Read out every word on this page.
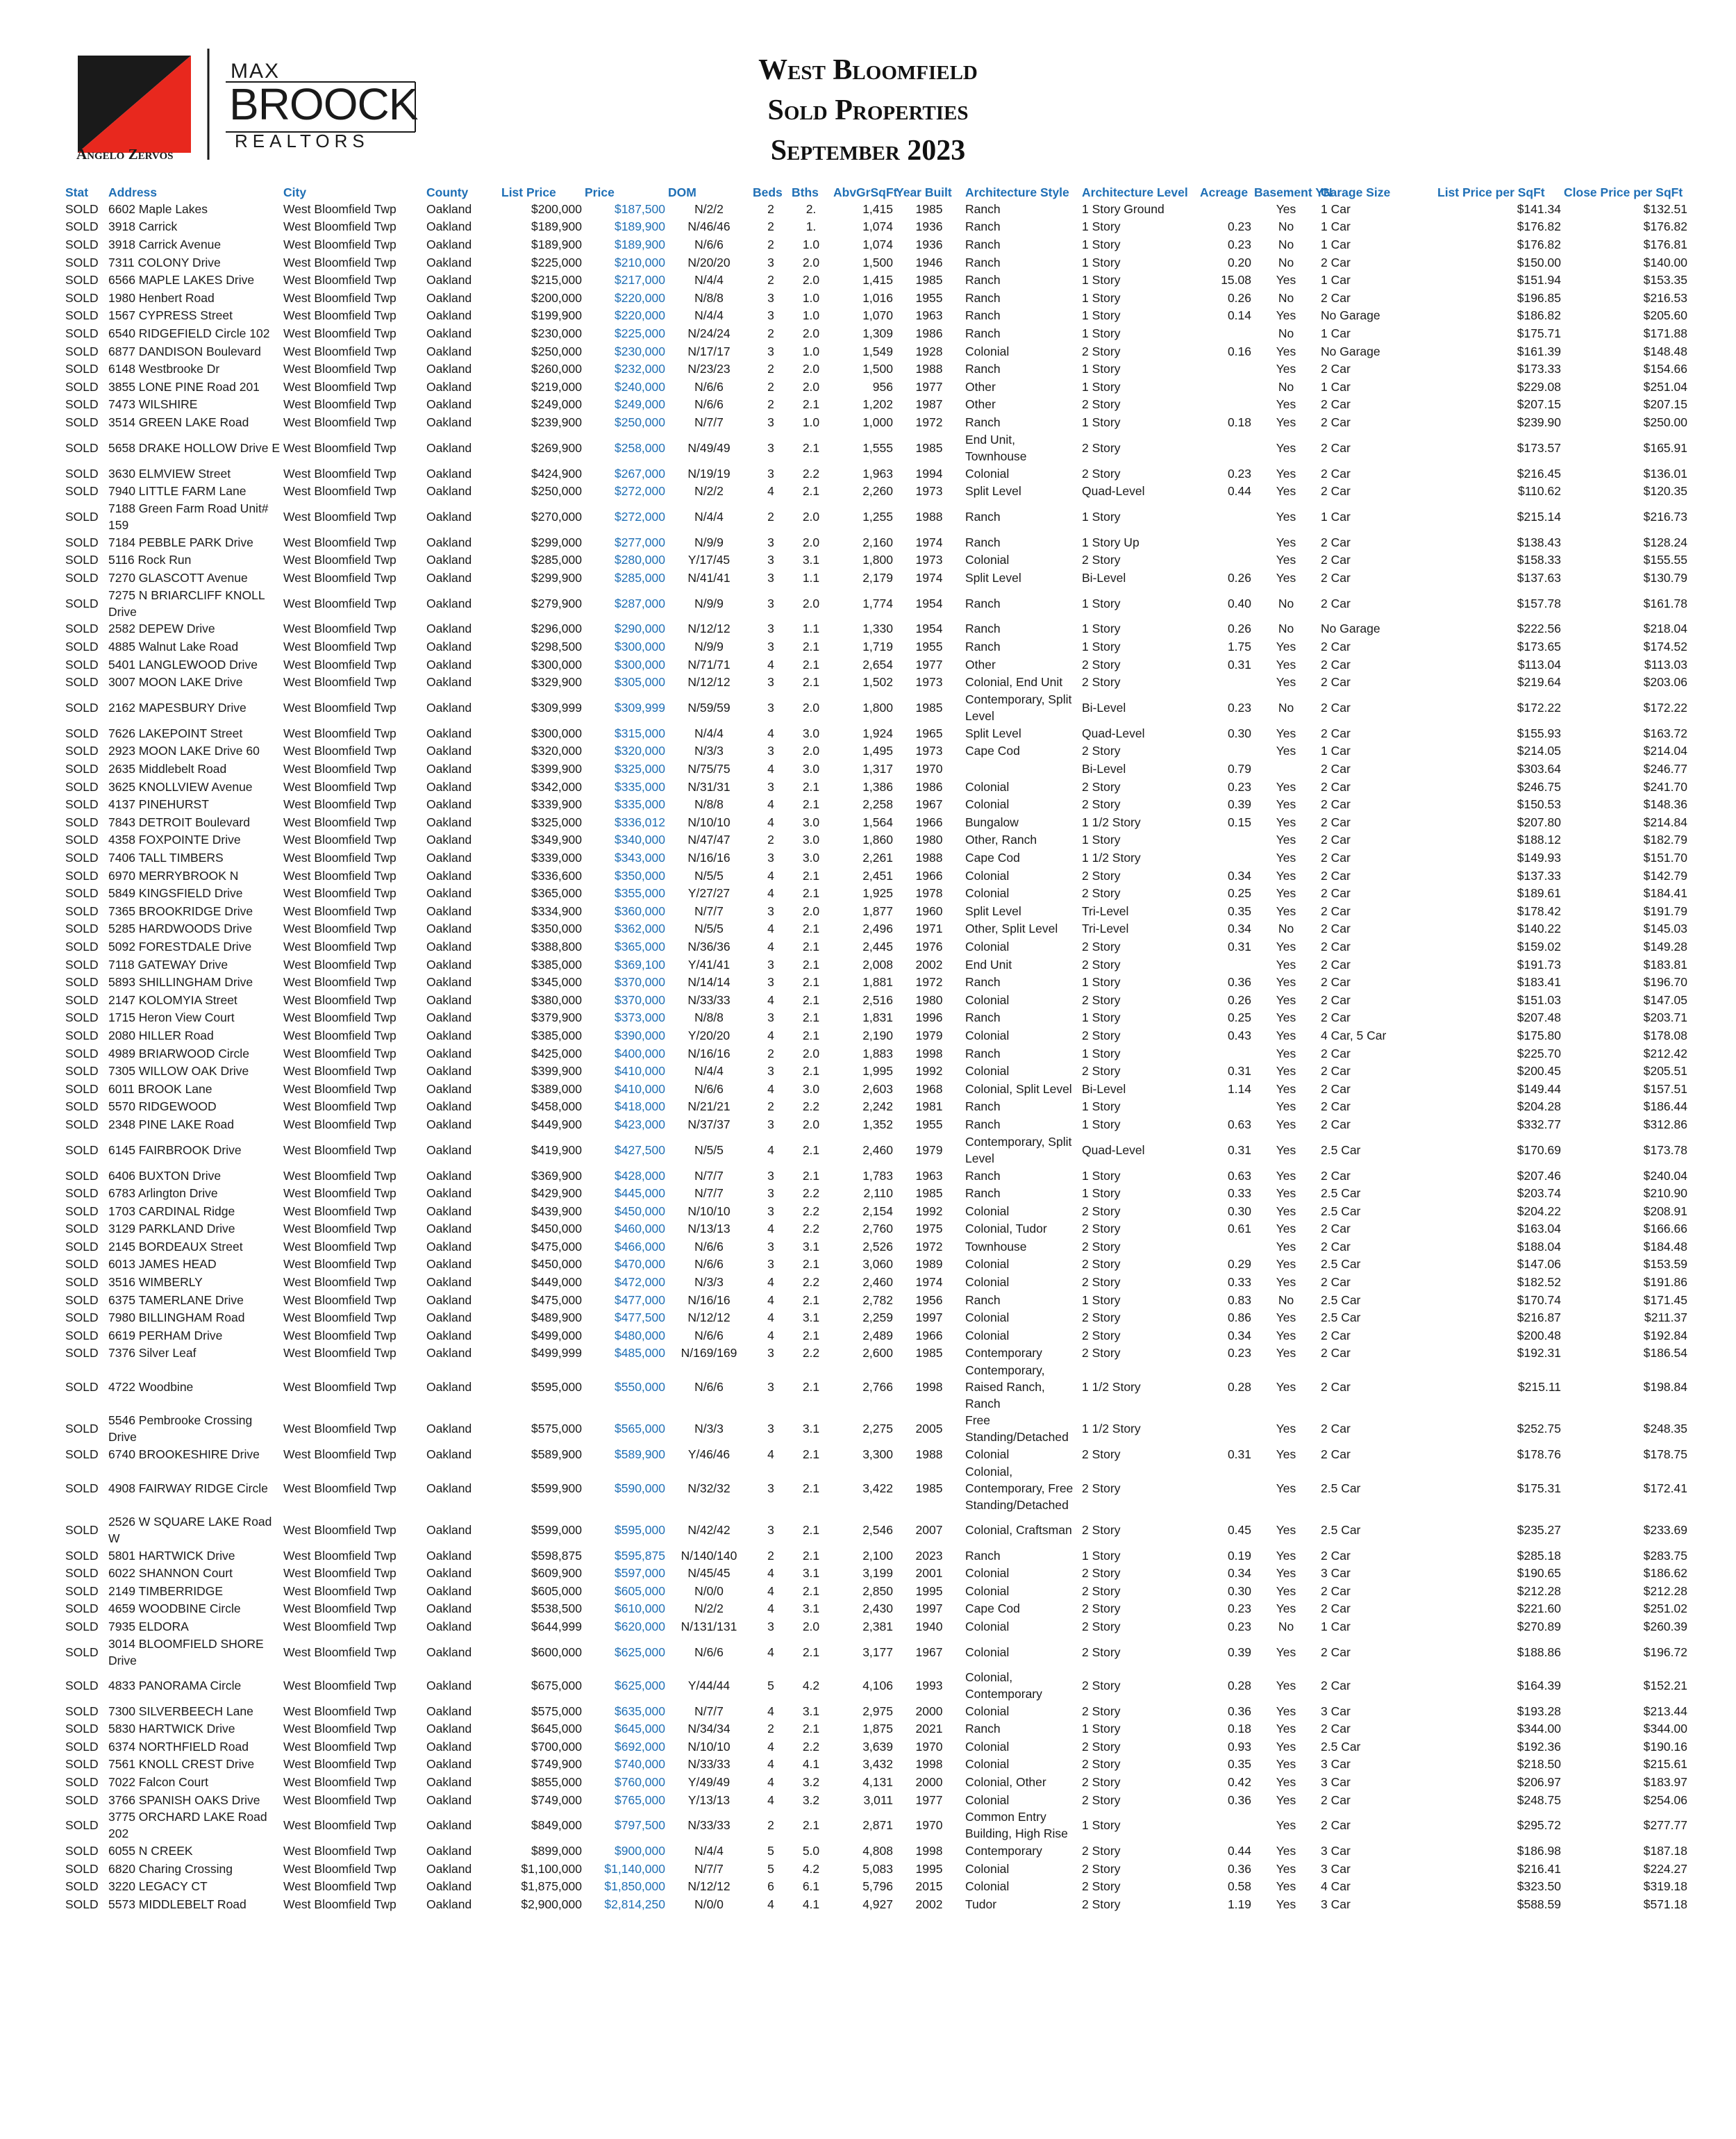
MAX
BROOCK
REALTORS
Angelo Zervos
West Bloomfield
Sold Properties
September 2023
Stat	Address	City	County	List Price	Price	DOM	Beds	Bths	AbvGrSqFt	Year Built	Architecture Style	Architecture Level	Acreage	Basement YN	Garage Size	List Price per SqFt	Close Price per SqFt
SOLD	6602 Maple Lakes	West Bloomfield Twp	Oakland	$200,000	$187,500	N/2/2	2	2.	1,415	1985	Ranch	1 Story Ground		Yes	1 Car	$141.34	$132.51
SOLD	3918 Carrick	West Bloomfield Twp	Oakland	$189,900	$189,900	N/46/46	2	1.	1,074	1936	Ranch	1 Story	0.23	No	1 Car	$176.82	$176.82
SOLD	3918 Carrick Avenue	West Bloomfield Twp	Oakland	$189,900	$189,900	N/6/6	2	1.0	1,074	1936	Ranch	1 Story	0.23	No	1 Car	$176.82	$176.81
SOLD	7311 COLONY Drive	West Bloomfield Twp	Oakland	$225,000	$210,000	N/20/20	3	2.0	1,500	1946	Ranch	1 Story	0.20	No	2 Car	$150.00	$140.00
SOLD	6566 MAPLE LAKES Drive	West Bloomfield Twp	Oakland	$215,000	$217,000	N/4/4	2	2.0	1,415	1985	Ranch	1 Story	15.08	Yes	1 Car	$151.94	$153.35
SOLD	1980 Henbert Road	West Bloomfield Twp	Oakland	$200,000	$220,000	N/8/8	3	1.0	1,016	1955	Ranch	1 Story	0.26	No	2 Car	$196.85	$216.53
SOLD	1567 CYPRESS Street	West Bloomfield Twp	Oakland	$199,900	$220,000	N/4/4	3	1.0	1,070	1963	Ranch	1 Story	0.14	Yes	No Garage	$186.82	$205.60
SOLD	6540 RIDGEFIELD Circle 102	West Bloomfield Twp	Oakland	$230,000	$225,000	N/24/24	2	2.0	1,309	1986	Ranch	1 Story		No	1 Car	$175.71	$171.88
SOLD	6877 DANDISON Boulevard	West Bloomfield Twp	Oakland	$250,000	$230,000	N/17/17	3	1.0	1,549	1928	Colonial	2 Story	0.16	Yes	No Garage	$161.39	$148.48
SOLD	6148 Westbrooke Dr	West Bloomfield Twp	Oakland	$260,000	$232,000	N/23/23	2	2.0	1,500	1988	Ranch	1 Story		Yes	2 Car	$173.33	$154.66
SOLD	3855 LONE PINE Road 201	West Bloomfield Twp	Oakland	$219,000	$240,000	N/6/6	2	2.0	956	1977	Other	1 Story		No	1 Car	$229.08	$251.04
SOLD	7473 WILSHIRE	West Bloomfield Twp	Oakland	$249,000	$249,000	N/6/6	2	2.1	1,202	1987	Other	2 Story		Yes	2 Car	$207.15	$207.15
SOLD	3514 GREEN LAKE Road	West Bloomfield Twp	Oakland	$239,900	$250,000	N/7/7	3	1.0	1,000	1972	Ranch	1 Story	0.18	Yes	2 Car	$239.90	$250.00
SOLD	5658 DRAKE HOLLOW Drive E	West Bloomfield Twp	Oakland	$269,900	$258,000	N/49/49	3	2.1	1,555	1985	End Unit, Townhouse	2 Story		Yes	2 Car	$173.57	$165.91
SOLD	3630 ELMVIEW Street	West Bloomfield Twp	Oakland	$424,900	$267,000	N/19/19	3	2.2	1,963	1994	Colonial	2 Story	0.23	Yes	2 Car	$216.45	$136.01
SOLD	7940 LITTLE FARM Lane	West Bloomfield Twp	Oakland	$250,000	$272,000	N/2/2	4	2.1	2,260	1973	Split Level	Quad-Level	0.44	Yes	2 Car	$110.62	$120.35
SOLD	7188 Green Farm Road Unit# 159	West Bloomfield Twp	Oakland	$270,000	$272,000	N/4/4	2	2.0	1,255	1988	Ranch	1 Story		Yes	1 Car	$215.14	$216.73
SOLD	7184 PEBBLE PARK Drive	West Bloomfield Twp	Oakland	$299,000	$277,000	N/9/9	3	2.0	2,160	1974	Ranch	1 Story Up		Yes	2 Car	$138.43	$128.24
SOLD	5116 Rock Run	West Bloomfield Twp	Oakland	$285,000	$280,000	Y/17/45	3	3.1	1,800	1973	Colonial	2 Story		Yes	2 Car	$158.33	$155.55
SOLD	7270 GLASCOTT Avenue	West Bloomfield Twp	Oakland	$299,900	$285,000	N/41/41	3	1.1	2,179	1974	Split Level	Bi-Level	0.26	Yes	2 Car	$137.63	$130.79
SOLD	7275 N BRIARCLIFF KNOLL Drive	West Bloomfield Twp	Oakland	$279,900	$287,000	N/9/9	3	2.0	1,774	1954	Ranch	1 Story	0.40	No	2 Car	$157.78	$161.78
SOLD	2582 DEPEW Drive	West Bloomfield Twp	Oakland	$296,000	$290,000	N/12/12	3	1.1	1,330	1954	Ranch	1 Story	0.26	No	No Garage	$222.56	$218.04
SOLD	4885 Walnut Lake Road	West Bloomfield Twp	Oakland	$298,500	$300,000	N/9/9	3	2.1	1,719	1955	Ranch	1 Story	1.75	Yes	2 Car	$173.65	$174.52
SOLD	5401 LANGLEWOOD Drive	West Bloomfield Twp	Oakland	$300,000	$300,000	N/71/71	4	2.1	2,654	1977	Other	2 Story	0.31	Yes	2 Car	$113.04	$113.03
SOLD	3007 MOON LAKE Drive	West Bloomfield Twp	Oakland	$329,900	$305,000	N/12/12	3	2.1	1,502	1973	Colonial, End Unit	2 Story		Yes	2 Car	$219.64	$203.06
SOLD	2162 MAPESBURY Drive	West Bloomfield Twp	Oakland	$309,999	$309,999	N/59/59	3	2.0	1,800	1985	Contemporary, Split Level	Bi-Level	0.23	No	2 Car	$172.22	$172.22
SOLD	7626 LAKEPOINT Street	West Bloomfield Twp	Oakland	$300,000	$315,000	N/4/4	4	3.0	1,924	1965	Split Level	Quad-Level	0.30	Yes	2 Car	$155.93	$163.72
SOLD	2923 MOON LAKE Drive 60	West Bloomfield Twp	Oakland	$320,000	$320,000	N/3/3	3	2.0	1,495	1973	Cape Cod	2 Story		Yes	1 Car	$214.05	$214.04
SOLD	2635 Middlebelt Road	West Bloomfield Twp	Oakland	$399,900	$325,000	N/75/75	4	3.0	1,317	1970		Bi-Level	0.79		2 Car	$303.64	$246.77
SOLD	3625 KNOLLVIEW Avenue	West Bloomfield Twp	Oakland	$342,000	$335,000	N/31/31	3	2.1	1,386	1986	Colonial	2 Story	0.23	Yes	2 Car	$246.75	$241.70
SOLD	4137 PINEHURST	West Bloomfield Twp	Oakland	$339,900	$335,000	N/8/8	4	2.1	2,258	1967	Colonial	2 Story	0.39	Yes	2 Car	$150.53	$148.36
SOLD	7843 DETROIT Boulevard	West Bloomfield Twp	Oakland	$325,000	$336,012	N/10/10	4	3.0	1,564	1966	Bungalow	1 1/2 Story	0.15	Yes	2 Car	$207.80	$214.84
SOLD	4358 FOXPOINTE Drive	West Bloomfield Twp	Oakland	$349,900	$340,000	N/47/47	2	3.0	1,860	1980	Other, Ranch	1 Story		Yes	2 Car	$188.12	$182.79
SOLD	7406 TALL TIMBERS	West Bloomfield Twp	Oakland	$339,000	$343,000	N/16/16	3	3.0	2,261	1988	Cape Cod	1 1/2 Story		Yes	2 Car	$149.93	$151.70
SOLD	6970 MERRYBROOK N	West Bloomfield Twp	Oakland	$336,600	$350,000	N/5/5	4	2.1	2,451	1966	Colonial	2 Story	0.34	Yes	2 Car	$137.33	$142.79
SOLD	5849 KINGSFIELD Drive	West Bloomfield Twp	Oakland	$365,000	$355,000	Y/27/27	4	2.1	1,925	1978	Colonial	2 Story	0.25	Yes	2 Car	$189.61	$184.41
SOLD	7365 BROOKRIDGE Drive	West Bloomfield Twp	Oakland	$334,900	$360,000	N/7/7	3	2.0	1,877	1960	Split Level	Tri-Level	0.35	Yes	2 Car	$178.42	$191.79
SOLD	5285 HARDWOODS Drive	West Bloomfield Twp	Oakland	$350,000	$362,000	N/5/5	4	2.1	2,496	1971	Other, Split Level	Tri-Level	0.34	No	2 Car	$140.22	$145.03
SOLD	5092 FORESTDALE Drive	West Bloomfield Twp	Oakland	$388,800	$365,000	N/36/36	4	2.1	2,445	1976	Colonial	2 Story	0.31	Yes	2 Car	$159.02	$149.28
SOLD	7118 GATEWAY Drive	West Bloomfield Twp	Oakland	$385,000	$369,100	Y/41/41	3	2.1	2,008	2002	End Unit	2 Story		Yes	2 Car	$191.73	$183.81
SOLD	5893 SHILLINGHAM Drive	West Bloomfield Twp	Oakland	$345,000	$370,000	N/14/14	3	2.1	1,881	1972	Ranch	1 Story	0.36	Yes	2 Car	$183.41	$196.70
SOLD	2147 KOLOMYIA Street	West Bloomfield Twp	Oakland	$380,000	$370,000	N/33/33	4	2.1	2,516	1980	Colonial	2 Story	0.26	Yes	2 Car	$151.03	$147.05
SOLD	1715 Heron View Court	West Bloomfield Twp	Oakland	$379,900	$373,000	N/8/8	3	2.1	1,831	1996	Ranch	1 Story	0.25	Yes	2 Car	$207.48	$203.71
SOLD	2080 HILLER Road	West Bloomfield Twp	Oakland	$385,000	$390,000	Y/20/20	4	2.1	2,190	1979	Colonial	2 Story	0.43	Yes	4 Car, 5 Car	$175.80	$178.08
SOLD	4989 BRIARWOOD Circle	West Bloomfield Twp	Oakland	$425,000	$400,000	N/16/16	2	2.0	1,883	1998	Ranch	1 Story		Yes	2 Car	$225.70	$212.42
SOLD	7305 WILLOW OAK Drive	West Bloomfield Twp	Oakland	$399,900	$410,000	N/4/4	3	2.1	1,995	1992	Colonial	2 Story	0.31	Yes	2 Car	$200.45	$205.51
SOLD	6011 BROOK Lane	West Bloomfield Twp	Oakland	$389,000	$410,000	N/6/6	4	3.0	2,603	1968	Colonial, Split Level	Bi-Level	1.14	Yes	2 Car	$149.44	$157.51
SOLD	5570 RIDGEWOOD	West Bloomfield Twp	Oakland	$458,000	$418,000	N/21/21	2	2.2	2,242	1981	Ranch	1 Story		Yes	2 Car	$204.28	$186.44
SOLD	2348 PINE LAKE Road	West Bloomfield Twp	Oakland	$449,900	$423,000	N/37/37	3	2.0	1,352	1955	Ranch	1 Story	0.63	Yes	2 Car	$332.77	$312.86
SOLD	6145 FAIRBROOK Drive	West Bloomfield Twp	Oakland	$419,900	$427,500	N/5/5	4	2.1	2,460	1979	Contemporary, Split Level	Quad-Level	0.31	Yes	2.5 Car	$170.69	$173.78
SOLD	6406 BUXTON Drive	West Bloomfield Twp	Oakland	$369,900	$428,000	N/7/7	3	2.1	1,783	1963	Ranch	1 Story	0.63	Yes	2 Car	$207.46	$240.04
SOLD	6783 Arlington Drive	West Bloomfield Twp	Oakland	$429,900	$445,000	N/7/7	3	2.2	2,110	1985	Ranch	1 Story	0.33	Yes	2.5 Car	$203.74	$210.90
SOLD	1703 CARDINAL Ridge	West Bloomfield Twp	Oakland	$439,900	$450,000	N/10/10	3	2.2	2,154	1992	Colonial	2 Story	0.30	Yes	2.5 Car	$204.22	$208.91
SOLD	3129 PARKLAND Drive	West Bloomfield Twp	Oakland	$450,000	$460,000	N/13/13	4	2.2	2,760	1975	Colonial, Tudor	2 Story	0.61	Yes	2 Car	$163.04	$166.66
SOLD	2145 BORDEAUX Street	West Bloomfield Twp	Oakland	$475,000	$466,000	N/6/6	3	3.1	2,526	1972	Townhouse	2 Story		Yes	2 Car	$188.04	$184.48
SOLD	6013 JAMES HEAD	West Bloomfield Twp	Oakland	$450,000	$470,000	N/6/6	3	2.1	3,060	1989	Colonial	2 Story	0.29	Yes	2.5 Car	$147.06	$153.59
SOLD	3516 WIMBERLY	West Bloomfield Twp	Oakland	$449,000	$472,000	N/3/3	4	2.2	2,460	1974	Colonial	2 Story	0.33	Yes	2 Car	$182.52	$191.86
SOLD	6375 TAMERLANE Drive	West Bloomfield Twp	Oakland	$475,000	$477,000	N/16/16	4	2.1	2,782	1956	Ranch	1 Story	0.83	No	2.5 Car	$170.74	$171.45
SOLD	7980 BILLINGHAM Road	West Bloomfield Twp	Oakland	$489,900	$477,500	N/12/12	4	3.1	2,259	1997	Colonial	2 Story	0.86	Yes	2.5 Car	$216.87	$211.37
SOLD	6619 PERHAM Drive	West Bloomfield Twp	Oakland	$499,000	$480,000	N/6/6	4	2.1	2,489	1966	Colonial	2 Story	0.34	Yes	2 Car	$200.48	$192.84
SOLD	7376 Silver Leaf	West Bloomfield Twp	Oakland	$499,999	$485,000	N/169/169	3	2.2	2,600	1985	Contemporary	2 Story	0.23	Yes	2 Car	$192.31	$186.54
SOLD	4722 Woodbine	West Bloomfield Twp	Oakland	$595,000	$550,000	N/6/6	3	2.1	2,766	1998	Contemporary, Raised Ranch, Ranch	1 1/2 Story	0.28	Yes	2 Car	$215.11	$198.84
SOLD	5546 Pembrooke Crossing Drive	West Bloomfield Twp	Oakland	$575,000	$565,000	N/3/3	3	3.1	2,275	2005	Free Standing/Detached	1 1/2 Story		Yes	2 Car	$252.75	$248.35
SOLD	6740 BROOKESHIRE Drive	West Bloomfield Twp	Oakland	$589,900	$589,900	Y/46/46	4	2.1	3,300	1988	Colonial	2 Story	0.31	Yes	2 Car	$178.76	$178.75
SOLD	4908 FAIRWAY RIDGE Circle	West Bloomfield Twp	Oakland	$599,900	$590,000	N/32/32	3	2.1	3,422	1985	Colonial, Contemporary, Free Standing/Detached	2 Story		Yes	2.5 Car	$175.31	$172.41
SOLD	2526 W SQUARE LAKE Road W	West Bloomfield Twp	Oakland	$599,000	$595,000	N/42/42	3	2.1	2,546	2007	Colonial, Craftsman	2 Story	0.45	Yes	2.5 Car	$235.27	$233.69
SOLD	5801 HARTWICK Drive	West Bloomfield Twp	Oakland	$598,875	$595,875	N/140/140	2	2.1	2,100	2023	Ranch	1 Story	0.19	Yes	2 Car	$285.18	$283.75
SOLD	6022 SHANNON Court	West Bloomfield Twp	Oakland	$609,900	$597,000	N/45/45	4	3.1	3,199	2001	Colonial	2 Story	0.34	Yes	3 Car	$190.65	$186.62
SOLD	2149 TIMBERRIDGE	West Bloomfield Twp	Oakland	$605,000	$605,000	N/0/0	4	2.1	2,850	1995	Colonial	2 Story	0.30	Yes	2 Car	$212.28	$212.28
SOLD	4659 WOODBINE Circle	West Bloomfield Twp	Oakland	$538,500	$610,000	N/2/2	4	3.1	2,430	1997	Cape Cod	2 Story	0.23	Yes	2 Car	$221.60	$251.02
SOLD	7935 ELDORA	West Bloomfield Twp	Oakland	$644,999	$620,000	N/131/131	3	2.0	2,381	1940	Colonial	2 Story	0.23	No	1 Car	$270.89	$260.39
SOLD	3014 BLOOMFIELD SHORE Drive	West Bloomfield Twp	Oakland	$600,000	$625,000	N/6/6	4	2.1	3,177	1967	Colonial	2 Story	0.39	Yes	2 Car	$188.86	$196.72
SOLD	4833 PANORAMA Circle	West Bloomfield Twp	Oakland	$675,000	$625,000	Y/44/44	5	4.2	4,106	1993	Colonial, Contemporary	2 Story	0.28	Yes	2 Car	$164.39	$152.21
SOLD	7300 SILVERBEECH Lane	West Bloomfield Twp	Oakland	$575,000	$635,000	N/7/7	4	3.1	2,975	2000	Colonial	2 Story	0.36	Yes	3 Car	$193.28	$213.44
SOLD	5830 HARTWICK Drive	West Bloomfield Twp	Oakland	$645,000	$645,000	N/34/34	2	2.1	1,875	2021	Ranch	1 Story	0.18	Yes	2 Car	$344.00	$344.00
SOLD	6374 NORTHFIELD Road	West Bloomfield Twp	Oakland	$700,000	$692,000	N/10/10	4	2.2	3,639	1970	Colonial	2 Story	0.93	Yes	2.5 Car	$192.36	$190.16
SOLD	7561 KNOLL CREST Drive	West Bloomfield Twp	Oakland	$749,900	$740,000	N/33/33	4	4.1	3,432	1998	Colonial	2 Story	0.35	Yes	3 Car	$218.50	$215.61
SOLD	7022 Falcon Court	West Bloomfield Twp	Oakland	$855,000	$760,000	Y/49/49	4	3.2	4,131	2000	Colonial, Other	2 Story	0.42	Yes	3 Car	$206.97	$183.97
SOLD	3766 SPANISH OAKS Drive	West Bloomfield Twp	Oakland	$749,000	$765,000	Y/13/13	4	3.2	3,011	1977	Colonial	2 Story	0.36	Yes	2 Car	$248.75	$254.06
SOLD	3775 ORCHARD LAKE Road 202	West Bloomfield Twp	Oakland	$849,000	$797,500	N/33/33	2	2.1	2,871	1970	Common Entry Building, High Rise	1 Story		Yes	2 Car	$295.72	$277.77
SOLD	6055 N CREEK	West Bloomfield Twp	Oakland	$899,000	$900,000	N/4/4	5	5.0	4,808	1998	Contemporary	2 Story	0.44	Yes	3 Car	$186.98	$187.18
SOLD	6820 Charing Crossing	West Bloomfield Twp	Oakland	$1,100,000	$1,140,000	N/7/7	5	4.2	5,083	1995	Colonial	2 Story	0.36	Yes	3 Car	$216.41	$224.27
SOLD	3220 LEGACY CT	West Bloomfield Twp	Oakland	$1,875,000	$1,850,000	N/12/12	6	6.1	5,796	2015	Colonial	2 Story	0.58	Yes	4 Car	$323.50	$319.18
SOLD	5573 MIDDLEBELT Road	West Bloomfield Twp	Oakland	$2,900,000	$2,814,250	N/0/0	4	4.1	4,927	2002	Tudor	2 Story	1.19	Yes	3 Car	$588.59	$571.18
